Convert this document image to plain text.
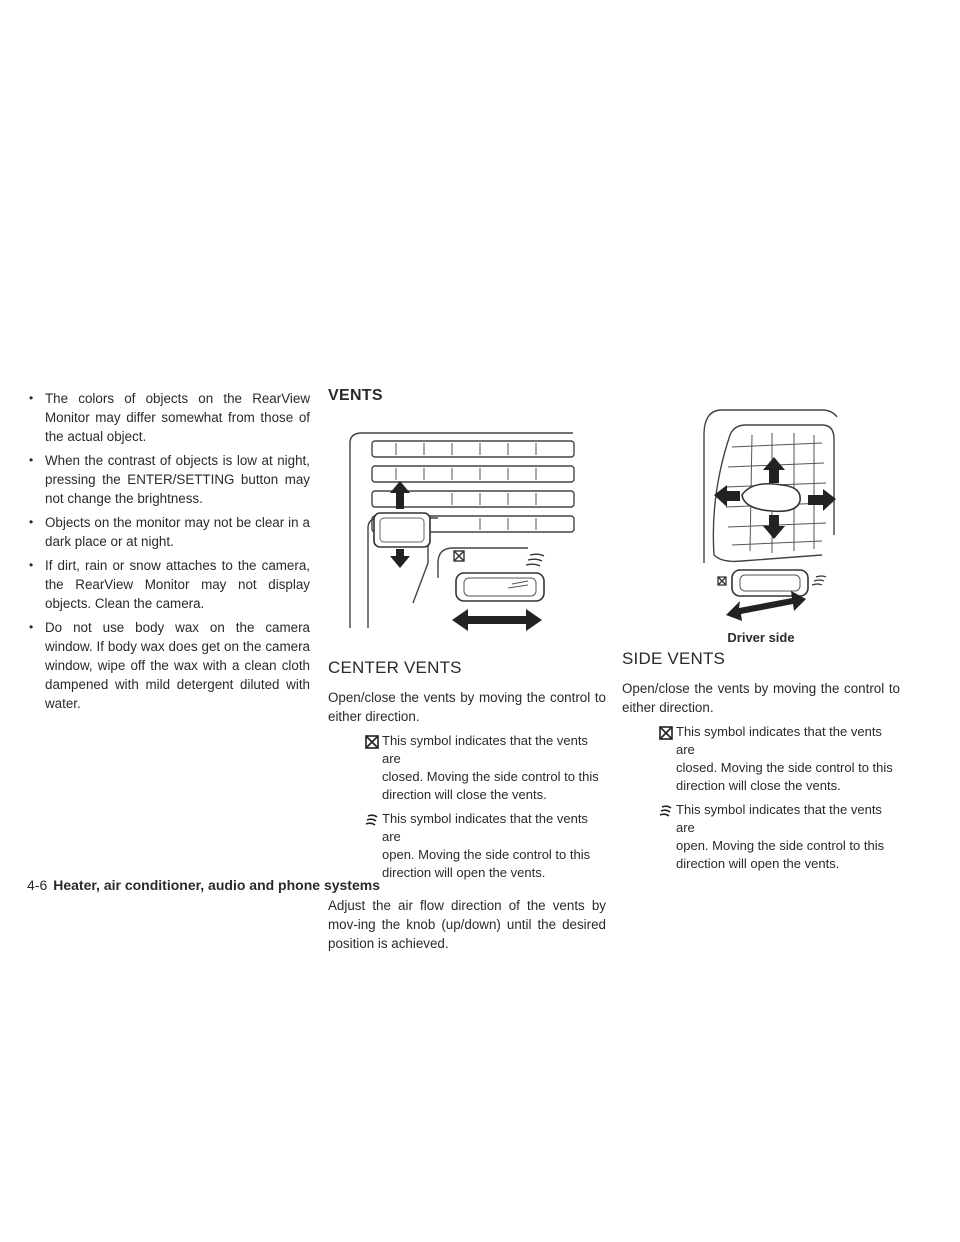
• The colors of objects on the RearView Monitor may differ somewhat from those of the actual object.
• When the contrast of objects is low at night, pressing the ENTER/SETTING button may not change the brightness.
• Objects on the monitor may not be clear in a dark place or at night.
• If dirt, rain or snow attaches to the camera, the RearView Monitor may not display objects. Clean the camera.
• Do not use body wax on the camera window. If body wax does get on the camera window, wipe off the wax with a clean cloth dampened with mild detergent diluted with water.
VENTS
CENTER VENTS

Open/close the vents by moving the control to either direction.

This symbol indicates that the vents are
closed. Moving the side control to this
direction will close the vents.
This symbol indicates that the vents are
open. Moving the side control to this
direction will open the vents.

Adjust the air flow direction of the vents by mov-ing the knob (up/down) until the desired position is achieved.

Driver side
SIDE VENTS

Open/close the vents by moving the control to either direction.

This symbol indicates that the vents are
closed. Moving the side control to this
direction will close the vents.
This symbol indicates that the vents are
open. Moving the side control to this
direction will open the vents.
4-6 Heater, air conditioner, audio and phone systems
